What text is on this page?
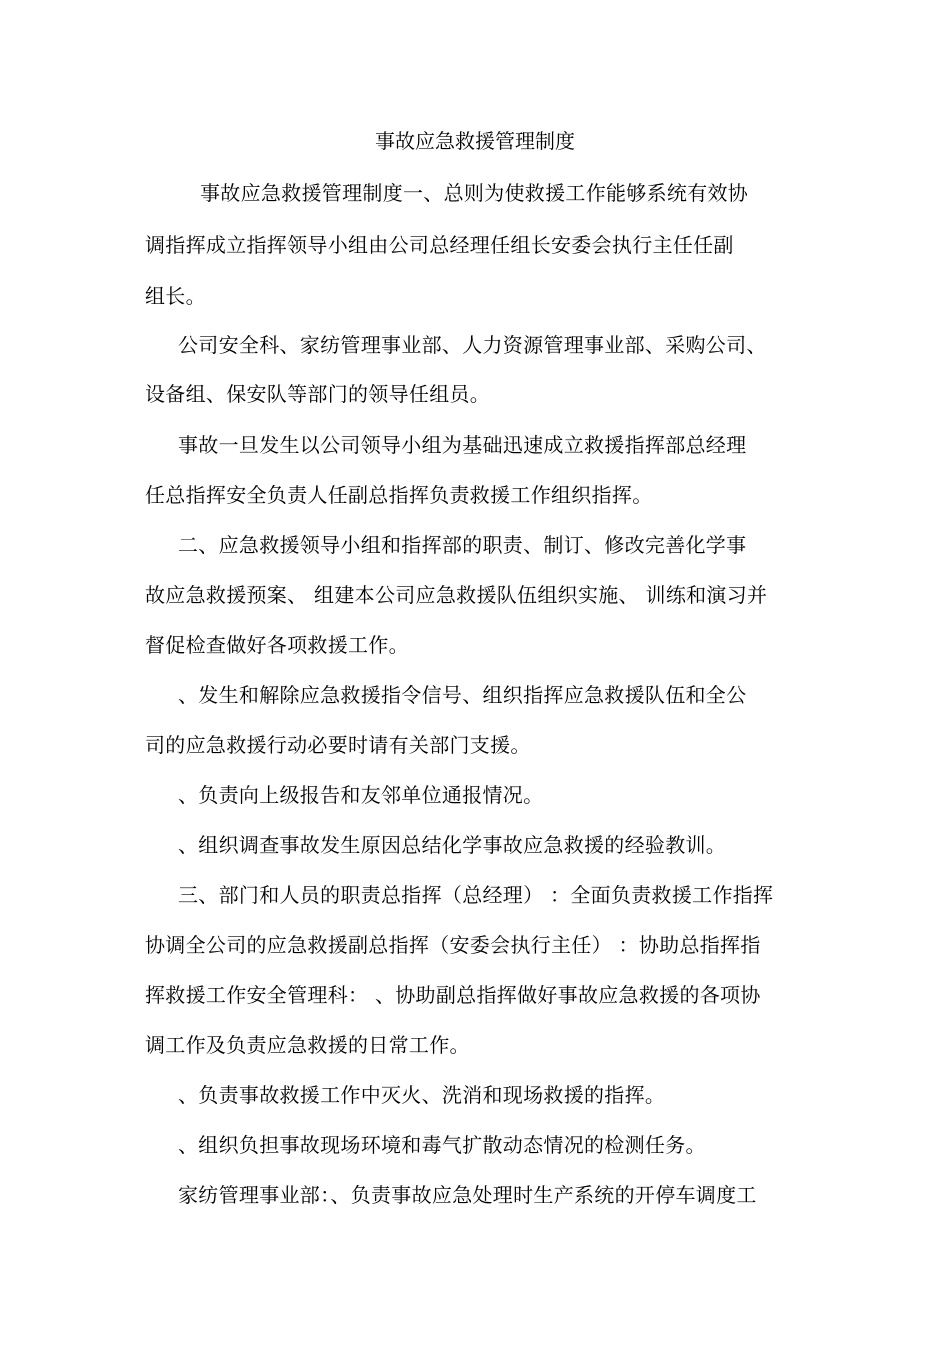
事故应急救援管理制度
事故应急救援管理制度一、总则为使救援工作能够系统有效协
调指挥成立指挥领导小组由公司总经理任组长安委会执行主任任副
组长。
公司安全科、家纺管理事业部、人力资源管理事业部、采购公司、
设备组、保安队等部门的领导任组员。
事故一旦发生以公司领导小组为基础迅速成立救援指挥部总经理
任总指挥安全负责人任副总指挥负责救援工作组织指挥。
二、应急救援领导小组和指挥部的职责、制订、修改完善化学事
故应急救援预案、 组建本公司应急救援队伍组织实施、 训练和演习并
督促检查做好各项救援工作。
、发生和解除应急救援指令信号、组织指挥应急救援队伍和全公
司的应急救援行动必要时请有关部门支援。
、负责向上级报告和友邻单位通报情况。
、组织调查事故发生原因总结化学事故应急救援的经验教训。
三、部门和人员的职责总指挥（总经理） ：全面负责救援工作指挥
协调全公司的应急救援副总指挥（安委会执行主任） ：协助总指挥指
挥救援工作安全管理科： 、协助副总指挥做好事故应急救援的各项协
调工作及负责应急救援的日常工作。
、负责事故救援工作中灭火、洗消和现场救援的指挥。
、组织负担事故现场环境和毒气扩散动态情况的检测任务。
家纺管理事业部：、负责事故应急处理时生产系统的开停车调度工
